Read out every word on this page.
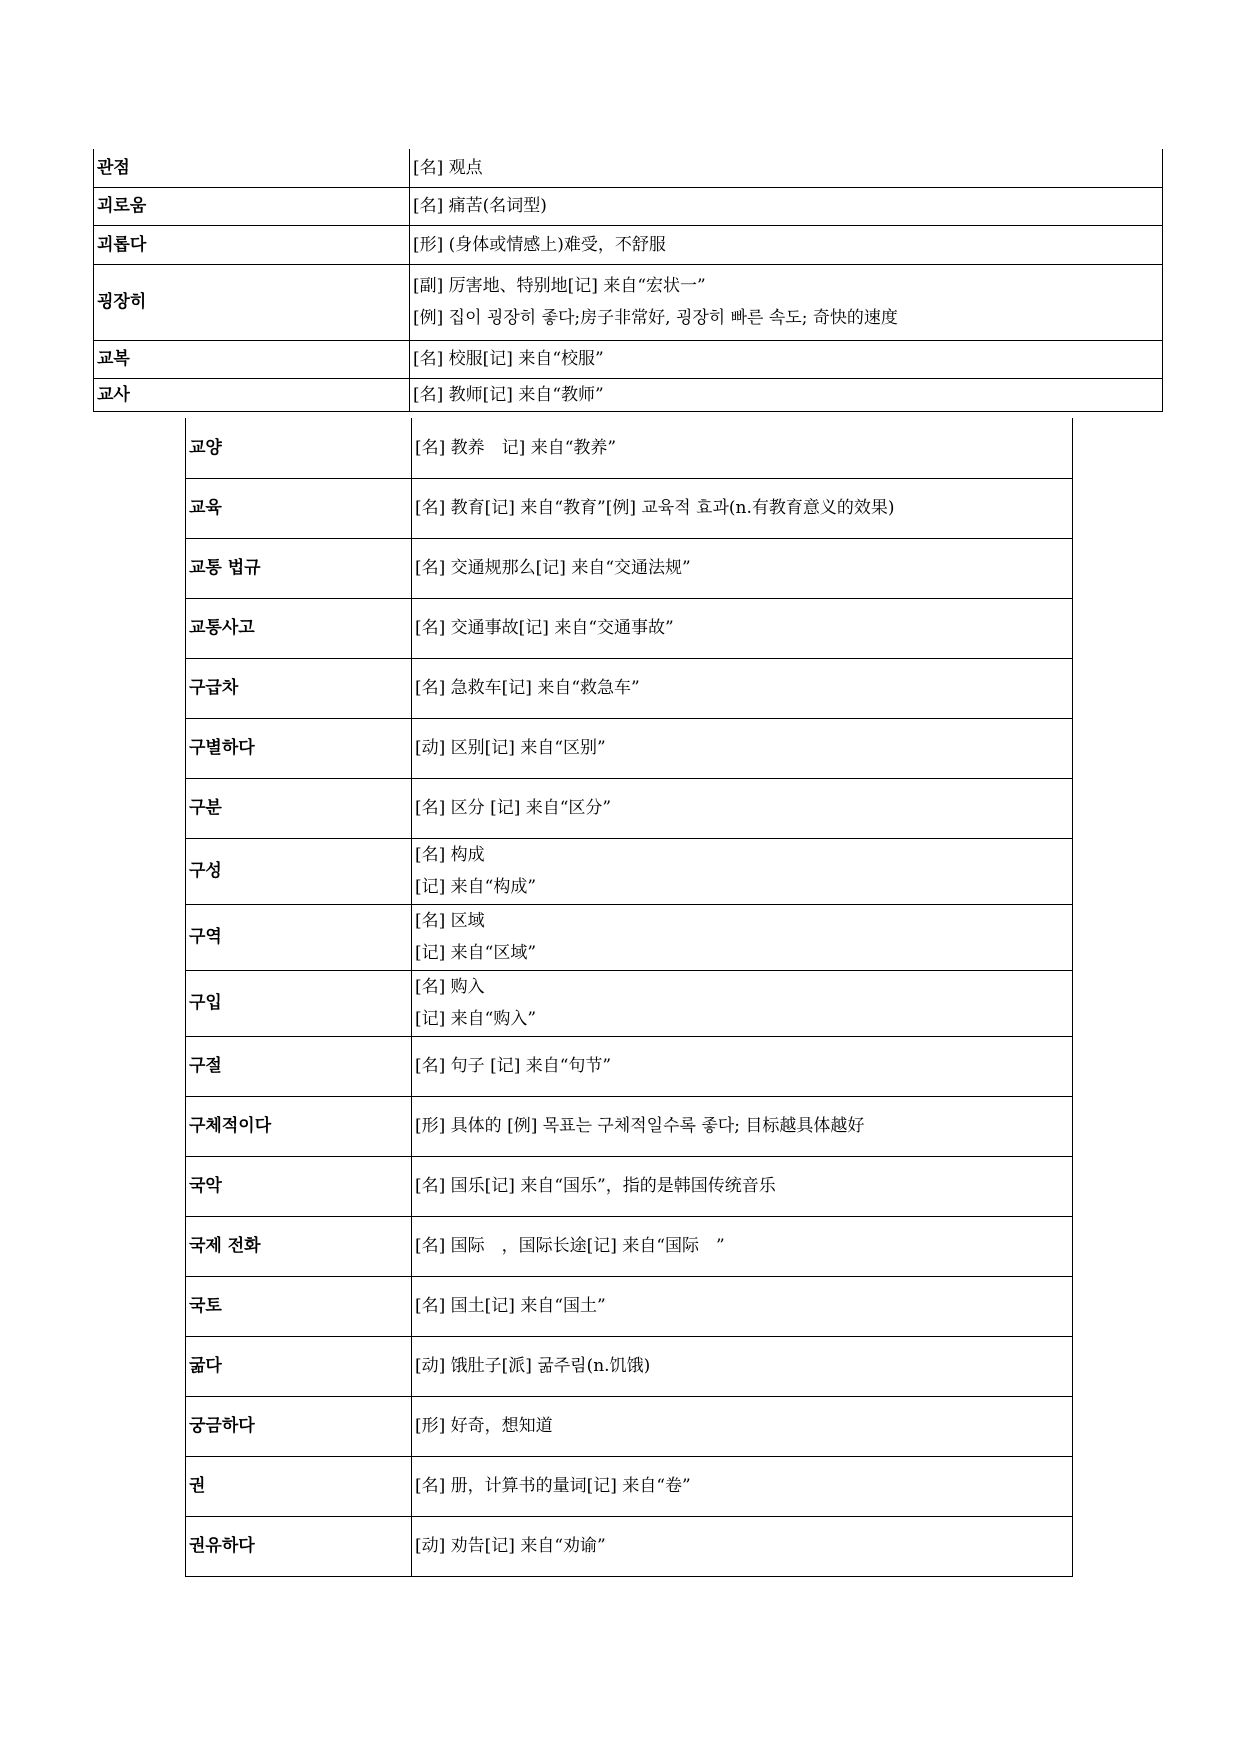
관점	[名] 观点

괴로움	[名] 痛苦(名词型)

괴롭다	[形] (身体或情感上)难受，不舒服

굉장히	[副] 厉害地、特别地[记] 来自“宏状一”
[例] 집이 굉장히 좋다;房子非常好, 굉장히 빠른 속도; 奇快的速度

교복	[名] 校服[记] 来自“校服”

교사	[名] 教师[记] 来自“教师”
교양	[名] 教养　记] 来自“教养”

교육	[名] 教育[记] 来自“教育”[例] 교육적 효과(n.有教育意义的效果)

교통 법규	[名] 交通规那么[记] 来自“交通法规”

교통사고	[名] 交通事故[记] 来自“交通事故”

구급차	[名] 急救车[记] 来自“救急车”

구별하다	[动] 区别[记] 来自“区别”

구분	[名] 区分 [记] 来自“区分”

구성	[名] 构成
[记] 来自“构成”

구역	[名] 区域
[记] 来自“区域”

구입	[名] 购入
[记] 来自“购入”

구절	[名] 句子 [记] 来自“句节”

구체적이다	[形] 具体的 [例] 목표는 구체적일수록 좋다; 目标越具体越好

국악	[名] 国乐[记] 来自“国乐”，指的是韩国传统音乐

국제 전화	[名] 国际　，国际长途[记] 来自“国际　”

국토	[名] 国土[记] 来自“国土”

굶다	[动] 饿肚子[派] 굶주림(n.饥饿)

궁금하다	[形] 好奇，想知道

권	[名] 册，计算书的量词[记] 来自“卷”

권유하다	[动] 劝告[记] 来自“劝谕”
